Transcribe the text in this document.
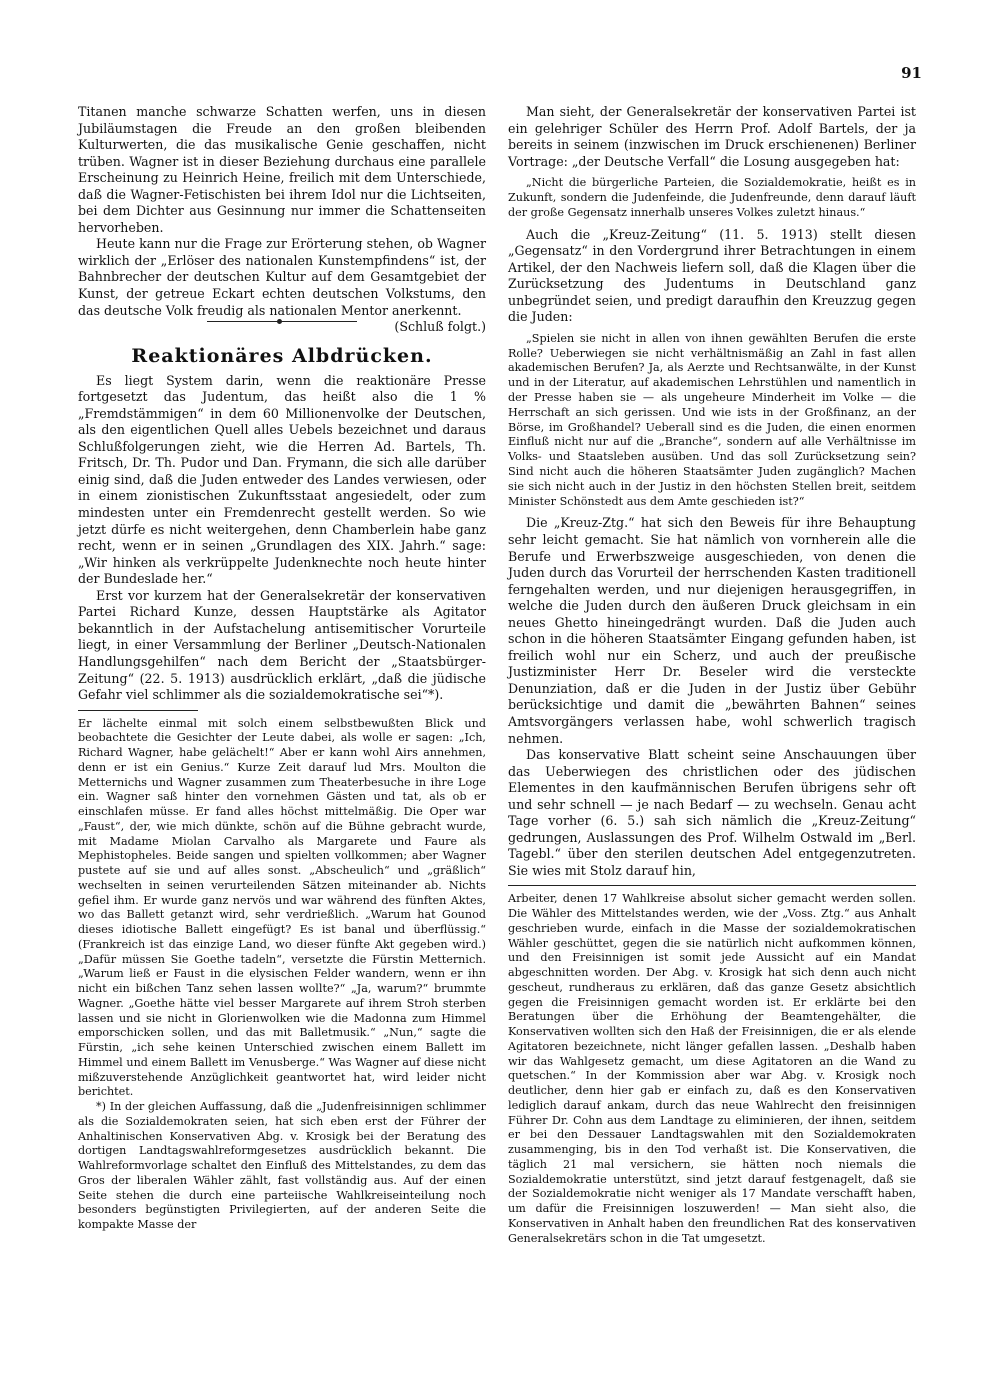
91

Titanen manche schwarze Schatten werfen, uns in diesen Jubiläumstagen die Freude an den großen bleibenden Kulturwerten, die das musikalische Genie geschaffen, nicht trüben. Wagner ist in dieser Beziehung durchaus eine parallele Erscheinung zu Heinrich Heine, freilich mit dem Unterschiede, daß die Wagner-Fetischisten bei ihrem Idol nur die Lichtseiten, bei dem Dichter aus Gesinnung nur immer die Schattenseiten hervorheben.

Heute kann nur die Frage zur Erörterung stehen, ob Wagner wirklich der „Erlöser des nationalen Kunstempfindens“ ist, der Bahnbrecher der deutschen Kultur auf dem Gesamtgebiet der Kunst, der getreue Eckart echten deutschen Volkstums, den das deutsche Volk freudig als nationalen Mentor anerkennt.
(Schluß folgt.)

Reaktionäres Albdrücken.

Es liegt System darin, wenn die reaktionäre Presse fortgesetzt das Judentum, das heißt also die 1 % „Fremdstämmigen“ in dem 60 Millionenvolke der Deutschen, als den eigentlichen Quell alles Uebels bezeichnet und daraus Schlußfolgerungen zieht, wie die Herren Ad. Bartels, Th. Fritsch, Dr. Th. Pudor und Dan. Frymann, die sich alle darüber einig sind, daß die Juden entweder des Landes verwiesen, oder in einem zionistischen Zukunftsstaat angesiedelt, oder zum mindesten unter ein Fremdenrecht gestellt werden. So wie jetzt dürfe es nicht weitergehen, denn Chamberlein habe ganz recht, wenn er in seinen „Grundlagen des XIX. Jahrh.“ sage: „Wir hinken als verkrüppelte Judenknechte noch heute hinter der Bundeslade her.“

Erst vor kurzem hat der Generalsekretär der konservativen Partei Richard Kunze, dessen Hauptstärke als Agitator bekanntlich in der Aufstachelung antisemitischer Vorurteile liegt, in einer Versammlung der Berliner „Deutsch-Nationalen Handlungsgehilfen“ nach dem Bericht der „Staatsbürger-Zeitung“ (22. 5. 1913) ausdrücklich erklärt, „daß die jüdische Gefahr viel schlimmer als die sozialdemokratische sei“*).

Er lächelte einmal mit solch einem selbstbewußten Blick und beobachtete die Gesichter der Leute dabei, als wolle er sagen: „Ich, Richard Wagner, habe gelächelt!“ Aber er kann wohl Airs annehmen, denn er ist ein Genius.“ Kurze Zeit darauf lud Mrs. Moulton die Metternichs und Wagner zusammen zum Theaterbesuche in ihre Loge ein. Wagner saß hinter den vornehmen Gästen und tat, als ob er einschlafen müsse. Er fand alles höchst mittelmäßig. Die Oper war „Faust“, der, wie mich dünkte, schön auf die Bühne gebracht wurde, mit Madame Miolan Carvalho als Margarete und Faure als Mephistopheles. Beide sangen und spielten vollkommen; aber Wagner pustete auf sie und auf alles sonst. „Abscheulich“ und „gräßlich“ wechselten in seinen verurteilenden Sätzen miteinander ab. Nichts gefiel ihm. Er wurde ganz nervös und war während des fünften Aktes, wo das Ballett getanzt wird, sehr verdrießlich. „Warum hat Gounod dieses idiotische Ballett eingefügt? Es ist banal und überflüssig.“ (Frankreich ist das einzige Land, wo dieser fünfte Akt gegeben wird.) „Dafür müssen Sie Goethe tadeln“, versetzte die Fürstin Metternich. „Warum ließ er Faust in die elysischen Felder wandern, wenn er ihn nicht ein bißchen Tanz sehen lassen wollte?“ „Ja, warum?“ brummte Wagner. „Goethe hätte viel besser Margarete auf ihrem Stroh sterben lassen und sie nicht in Glorienwolken wie die Madonna zum Himmel emporschicken sollen, und das mit Balletmusik.“ „Nun,“ sagte die Fürstin, „ich sehe keinen Unterschied zwischen einem Ballett im Himmel und einem Ballett im Venusberge.“ Was Wagner auf diese nicht mißzuverstehende Anzüglichkeit geantwortet hat, wird leider nicht berichtet.

*) In der gleichen Auffassung, daß die „Judenfreisinnigen schlimmer als die Sozialdemokraten seien, hat sich eben erst der Führer der Anhaltinischen Konservativen Abg. v. Krosigk bei der Beratung des dortigen Landtagswahlreformgesetzes ausdrücklich bekannt. Die Wahlreformvorlage schaltet den Einfluß des Mittelstandes, zu dem das Gros der liberalen Wähler zählt, fast vollständig aus. Auf der einen Seite stehen die durch eine parteiische Wahlkreiseinteilung noch besonders begünstigten Privilegierten, auf der anderen Seite die kompakte Masse der

Man sieht, der Generalsekretär der konservativen Partei ist ein gelehriger Schüler des Herrn Prof. Adolf Bartels, der ja bereits in seinem (inzwischen im Druck erschienenen) Berliner Vortrage: „der Deutsche Verfall“ die Losung ausgegeben hat:

„Nicht die bürgerliche Parteien, die Sozialdemokratie, heißt es in Zukunft, sondern die Judenfeinde, die Judenfreunde, denn darauf läuft der große Gegensatz innerhalb unseres Volkes zuletzt hinaus.“

Auch die „Kreuz-Zeitung“ (11. 5. 1913) stellt diesen „Gegensatz“ in den Vordergrund ihrer Betrachtungen in einem Artikel, der den Nachweis liefern soll, daß die Klagen über die Zurücksetzung des Judentums in Deutschland ganz unbegründet seien, und predigt daraufhin den Kreuzzug gegen die Juden:

„Spielen sie nicht in allen von ihnen gewählten Berufen die erste Rolle? Ueberwiegen sie nicht verhältnismäßig an Zahl in fast allen akademischen Berufen? Ja, als Aerzte und Rechtsanwälte, in der Kunst und in der Literatur, auf akademischen Lehrstühlen und namentlich in der Presse haben sie — als ungeheure Minderheit im Volke — die Herrschaft an sich gerissen. Und wie ists in der Großfinanz, an der Börse, im Großhandel? Ueberall sind es die Juden, die einen enormen Einfluß nicht nur auf die „Branche“, sondern auf alle Verhältnisse im Volks- und Staatsleben ausüben. Und das soll Zurücksetzung sein? Sind nicht auch die höheren Staatsämter Juden zugänglich? Machen sie sich nicht auch in der Justiz in den höchsten Stellen breit, seitdem Minister Schönstedt aus dem Amte geschieden ist?“

Die „Kreuz-Ztg.“ hat sich den Beweis für ihre Behauptung sehr leicht gemacht. Sie hat nämlich von vornherein alle die Berufe und Erwerbszweige ausgeschieden, von denen die Juden durch das Vorurteil der herrschenden Kasten traditionell ferngehalten werden, und nur diejenigen herausgegriffen, in welche die Juden durch den äußeren Druck gleichsam in ein neues Ghetto hineingedrängt wurden. Daß die Juden auch schon in die höheren Staatsämter Eingang gefunden haben, ist freilich wohl nur ein Scherz, und auch der preußische Justizminister Herr Dr. Beseler wird die versteckte Denunziation, daß er die Juden in der Justiz über Gebühr berücksichtige und damit die „bewährten Bahnen“ seines Amtsvorgängers verlassen habe, wohl schwerlich tragisch nehmen.

Das konservative Blatt scheint seine Anschauungen über das Ueberwiegen des christlichen oder des jüdischen Elementes in den kaufmännischen Berufen übrigens sehr oft und sehr schnell — je nach Bedarf — zu wechseln. Genau acht Tage vorher (6. 5.) sah sich nämlich die „Kreuz-Zeitung“ gedrungen, Auslassungen des Prof. Wilhelm Ostwald im „Berl. Tagebl.“ über den sterilen deutschen Adel entgegenzutreten. Sie wies mit Stolz darauf hin,

Arbeiter, denen 17 Wahlkreise absolut sicher gemacht werden sollen. Die Wähler des Mittelstandes werden, wie der „Voss. Ztg.“ aus Anhalt geschrieben wurde, einfach in die Masse der sozialdemokratischen Wähler geschüttet, gegen die sie natürlich nicht aufkommen können, und den Freisinnigen ist somit jede Aussicht auf ein Mandat abgeschnitten worden. Der Abg. v. Krosigk hat sich denn auch nicht gescheut, rundheraus zu erklären, daß das ganze Gesetz absichtlich gegen die Freisinnigen gemacht worden ist. Er erklärte bei den Beratungen über die Erhöhung der Beamtengehälter, die Konservativen wollten sich den Haß der Freisinnigen, die er als elende Agitatoren bezeichnete, nicht länger gefallen lassen. „Deshalb haben wir das Wahlgesetz gemacht, um diese Agitatoren an die Wand zu quetschen.“ In der Kommission aber war Abg. v. Krosigk noch deutlicher, denn hier gab er einfach zu, daß es den Konservativen lediglich darauf ankam, durch das neue Wahlrecht den freisinnigen Führer Dr. Cohn aus dem Landtage zu eliminieren, der ihnen, seitdem er bei den Dessauer Landtagswahlen mit den Sozialdemokraten zusammenging, bis in den Tod verhaßt ist. Die Konservativen, die täglich 21 mal versichern, sie hätten noch niemals die Sozialdemokratie unterstützt, sind jetzt darauf festgenagelt, daß sie der Sozialdemokratie nicht weniger als 17 Mandate verschafft haben, um dafür die Freisinnigen loszuwerden! — Man sieht also, die Konservativen in Anhalt haben den freundlichen Rat des konservativen Generalsekretärs schon in die Tat umgesetzt.
